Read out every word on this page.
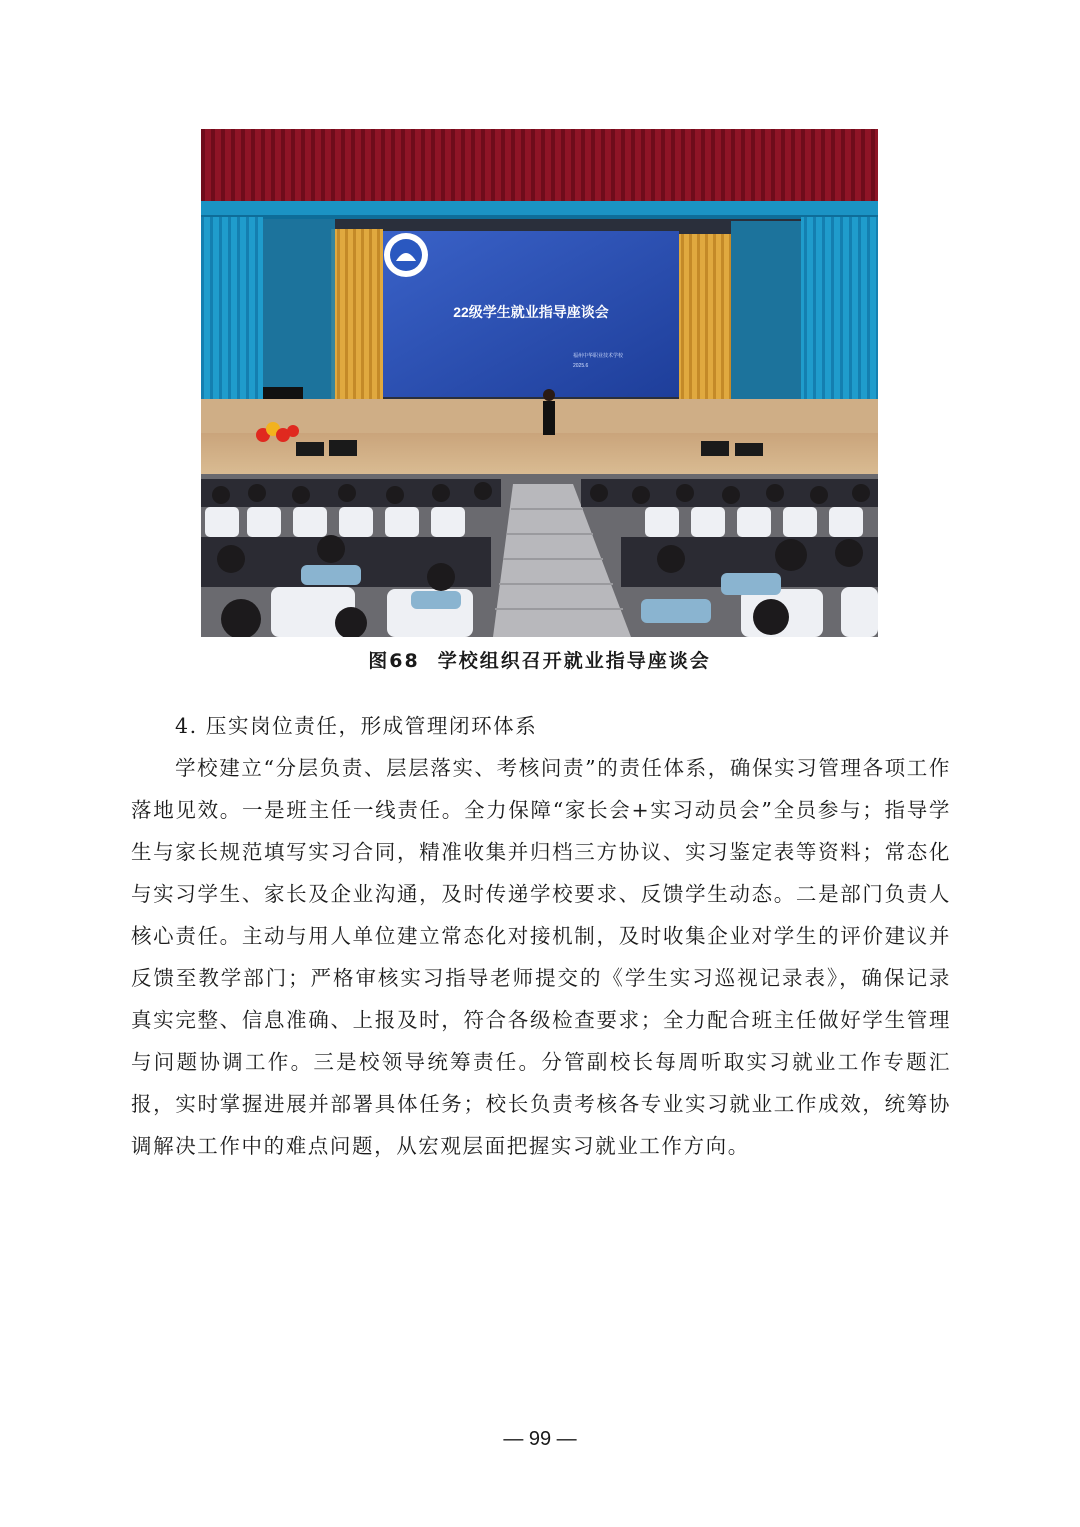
22级学生就业指导座谈会
福州中华职业技术学校
2025.6
图68 学校组织召开就业指导座谈会

4. 压实岗位责任，形成管理闭环体系

学校建立“分层负责、层层落实、考核问责”的责任体系，确保实习管理各项工作落地见效。一是班主任一线责任。全力保障“家长会+实习动员会”全员参与；指导学生与家长规范填写实习合同，精准收集并归档三方协议、实习鉴定表等资料；常态化与实习学生、家长及企业沟通，及时传递学校要求、反馈学生动态。二是部门负责人核心责任。主动与用人单位建立常态化对接机制，及时收集企业对学生的评价建议并反馈至教学部门；严格审核实习指导老师提交的《学生实习巡视记录表》，确保记录真实完整、信息准确、上报及时，符合各级检查要求；全力配合班主任做好学生管理与问题协调工作。三是校领导统筹责任。分管副校长每周听取实习就业工作专题汇报，实时掌握进展并部署具体任务；校长负责考核各专业实习就业工作成效，统筹协调解决工作中的难点问题，从宏观层面把握实习就业工作方向。

— 99 —
